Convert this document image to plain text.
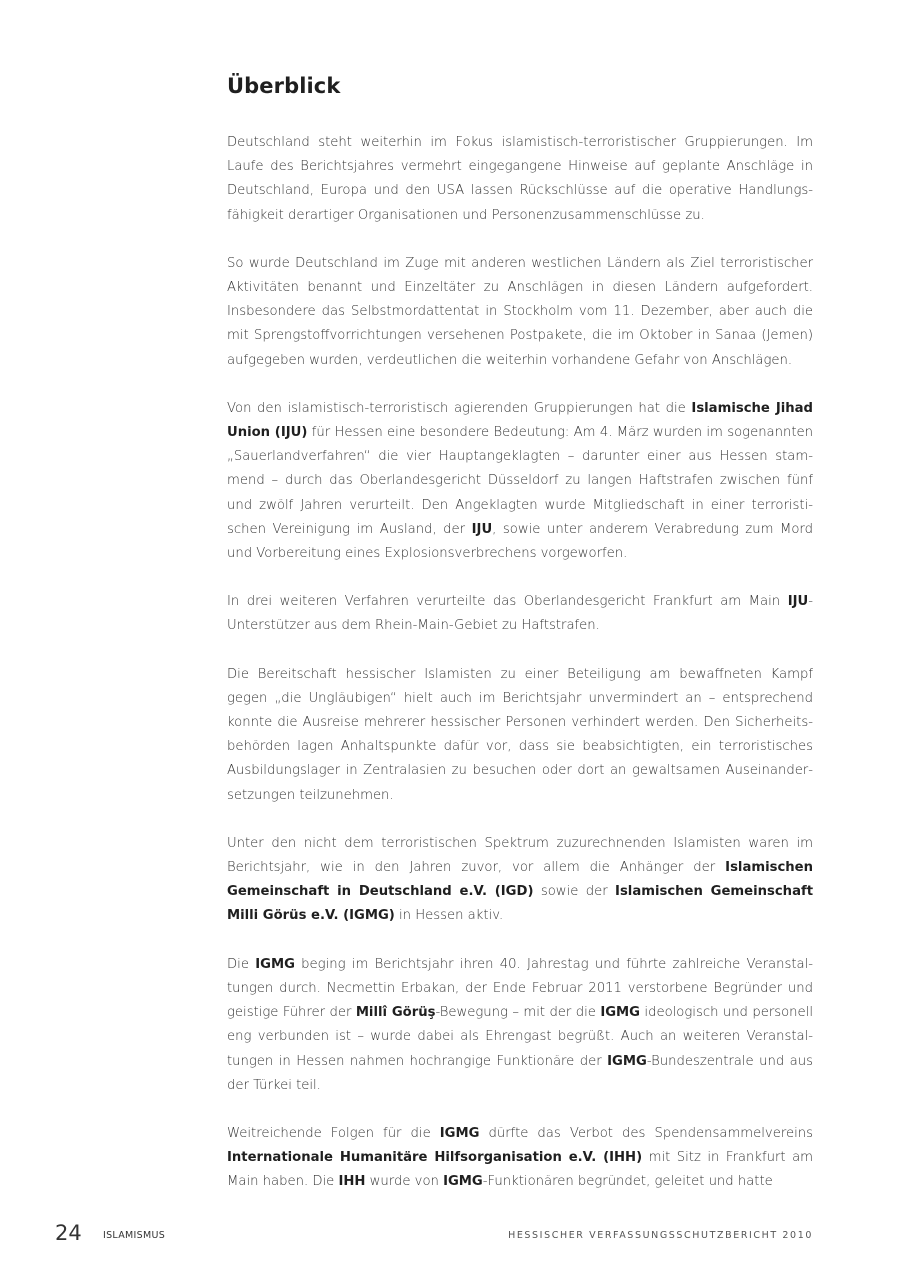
Überblick

Deutschland steht weiterhin im Fokus islamistisch-terroristischer Gruppierungen. Im Laufe des Berichtsjahres vermehrt eingegangene Hinweise auf geplante Anschläge in Deutschland, Europa und den USA lassen Rückschlüsse auf die operative Handlungsfähigkeit derartiger Organisationen und Personenzusammenschlüsse zu.

So wurde Deutschland im Zuge mit anderen westlichen Ländern als Ziel terroristischer Aktivitäten benannt und Einzeltäter zu Anschlägen in diesen Ländern aufgefordert. Insbesondere das Selbstmordattentat in Stockholm vom 11. Dezember, aber auch die mit Sprengstoffvorrichtungen versehenen Postpakete, die im Oktober in Sanaa (Jemen) aufgegeben wurden, verdeutlichen die weiterhin vorhandene Gefahr von Anschlägen.

Von den islamistisch-terroristisch agierenden Gruppierungen hat die Islamische Jihad Union (IJU) für Hessen eine besondere Bedeutung: Am 4. März wurden im sogenannten „Sauerlandverfahren“ die vier Hauptangeklagten – darunter einer aus Hessen stammend – durch das Oberlandesgericht Düsseldorf zu langen Haftstrafen zwischen fünf und zwölf Jahren verurteilt. Den Angeklagten wurde Mitgliedschaft in einer terroristischen Vereinigung im Ausland, der IJU, sowie unter anderem Verabredung zum Mord und Vorbereitung eines Explosionsverbrechens vorgeworfen.

In drei weiteren Verfahren verurteilte das Oberlandesgericht Frankfurt am Main IJU-Unterstützer aus dem Rhein-Main-Gebiet zu Haftstrafen.

Die Bereitschaft hessischer Islamisten zu einer Beteiligung am bewaffneten Kampf gegen „die Ungläubigen“ hielt auch im Berichtsjahr unvermindert an – entsprechend konnte die Ausreise mehrerer hessischer Personen verhindert werden. Den Sicherheitsbehörden lagen Anhaltspunkte dafür vor, dass sie beabsichtigten, ein terroristisches Ausbildungslager in Zentralasien zu besuchen oder dort an gewaltsamen Auseinandersetzungen teilzunehmen.

Unter den nicht dem terroristischen Spektrum zuzurechnenden Islamisten waren im Berichtsjahr, wie in den Jahren zuvor, vor allem die Anhänger der Islamischen Gemeinschaft in Deutschland e.V. (IGD) sowie der Islamischen Gemeinschaft Milli Görüs e.V. (IGMG) in Hessen aktiv.

Die IGMG beging im Berichtsjahr ihren 40. Jahrestag und führte zahlreiche Veranstaltungen durch. Necmettin Erbakan, der Ende Februar 2011 verstorbene Begründer und geistige Führer der Millî Görüş-Bewegung – mit der die IGMG ideologisch und personell eng verbunden ist – wurde dabei als Ehrengast begrüßt. Auch an weiteren Veranstaltungen in Hessen nahmen hochrangige Funktionäre der IGMG-Bundeszentrale und aus der Türkei teil.

Weitreichende Folgen für die IGMG dürfte das Verbot des Spendensammelvereins Internationale Humanitäre Hilfsorganisation e.V. (IHH) mit Sitz in Frankfurt am Main haben. Die IHH wurde von IGMG-Funktionären begründet, geleitet und hatte

24 ISLAMISMUS	HESSISCHER VERFASSUNGSSCHUTZBERICHT 2010
